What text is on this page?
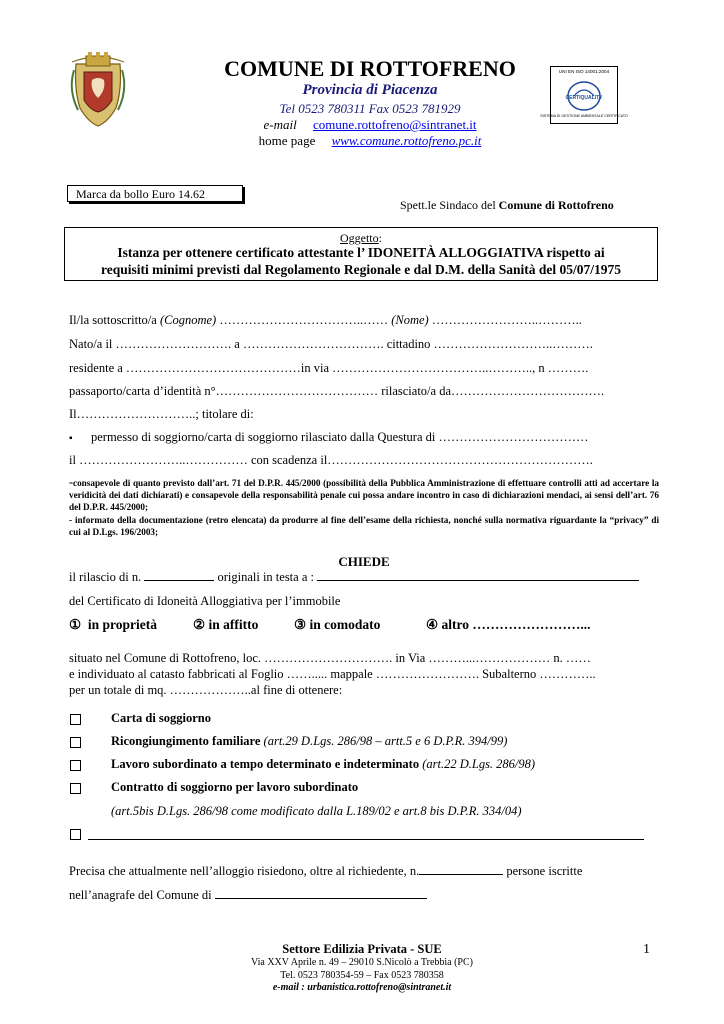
COMUNE DI ROTTOFRENO
Provincia di Piacenza
Tel 0523 780311 Fax 0523 781929
e-mail comune.rottofreno@sintranet.it
home page www.comune.rottofreno.pc.it
UNI EN ISO 14001:2004
CERTIQUALITY
SISTEMA DI GESTIONE AMBIENTALE CERTIFICATO
Marca da bollo Euro 14.62
Spett.le Sindaco del Comune di Rottofreno
Oggetto:
Istanza per ottenere certificato attestante l’ IDONEITÀ ALLOGGIATIVA rispetto ai
requisiti minimi previsti dal Regolamento Regionale e dal D.M. della Sanità del 05/07/1975
Il/la sottoscritto/a (Cognome) ……………………………..…… (Nome) ……………………..………..
Nato/a il ………………………. a ……………………………. cittadino ………………………..……….
residente a ……………………………………in via ………………………………..……….., n ……….
passaporto/carta d’identità n°………………………………… rilasciato/a da……………………………….
Il………………………..; titolare di:
▪ permesso di soggiorno/carta di soggiorno rilasciato dalla Questura di ………………………………
il ……………………..…………… con scadenza il……………………………………………………….
-consapevole di quanto previsto dall’art. 71 del D.P.R. 445/2000 (possibilità della Pubblica Amministrazione di effettuare controlli atti ad accertare la veridicità dei dati dichiarati) e consapevole della responsabilità penale cui possa andare incontro in caso di dichiarazioni mendaci, ai sensi dell’art. 76 del D.P.R. 445/2000;
- informato della documentazione (retro elencata) da produrre al fine dell’esame della richiesta, nonché sulla normativa riguardante la “privacy” di cui al D.Lgs. 196/2003;
CHIEDE
il rilascio di n.	originali in testa a :
del Certificato di Idoneità Alloggiativa per l’immobile
① in proprietà	② in affitto	③ in comodato	④ altro ……………………...
situato nel Comune di Rottofreno, loc. …………………………. in Via ………...……………… n. ……
e individuato al catasto fabbricati al Foglio ……..... mappale ……………………. Subalterno …………..
per un totale di mq. ………………..al fine di ottenere:
Carta di soggiorno
Ricongiungimento familiare (art.29 D.Lgs. 286/98 – artt.5 e 6 D.P.R. 394/99)
Lavoro subordinato a tempo determinato e indeterminato (art.22 D.Lgs. 286/98)
Contratto di soggiorno per lavoro subordinato
(art.5bis D.Lgs. 286/98 come modificato dalla L.189/02 e art.8 bis D.P.R. 334/04)
Precisa che attualmente nell’alloggio risiedono, oltre al richiedente, n.	persone iscritte
nell’anagrafe del Comune di
Settore Edilizia Privata - SUE
Via XXV Aprile n. 49 – 29010 S.Nicolò a Trebbia (PC)
Tel. 0523 780354-59 – Fax 0523 780358
e-mail : urbanistica.rottofreno@sintranet.it
1
